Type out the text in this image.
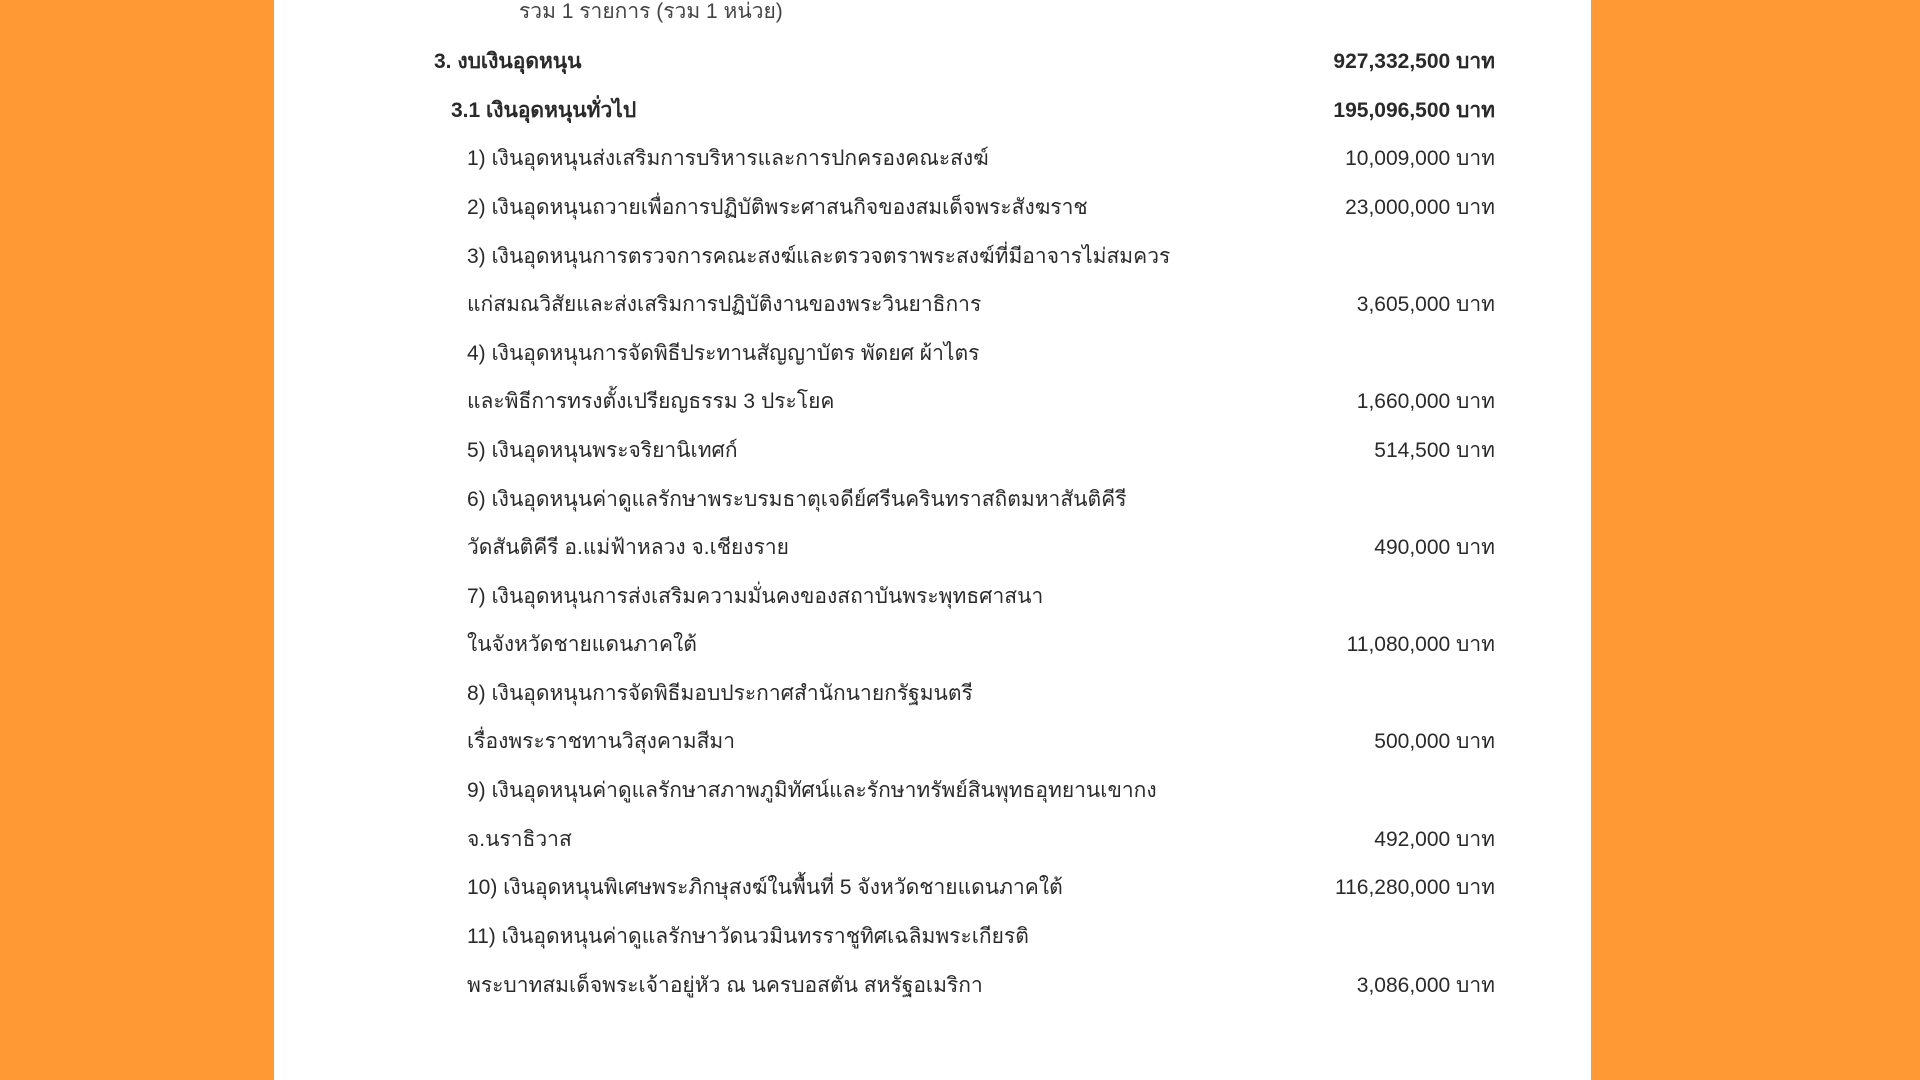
รวม 1 รายการ (รวม 1 หน่วย)
3. งบเงินอุดหนุน	927,332,500 บาท
3.1 เงินอุดหนุนทั่วไป	195,096,500 บาท
1) เงินอุดหนุนส่งเสริมการบริหารและการปกครองคณะสงฆ์	10,009,000 บาท
2) เงินอุดหนุนถวายเพื่อการปฏิบัติพระศาสนกิจของสมเด็จพระสังฆราช	23,000,000 บาท
3) เงินอุดหนุนการตรวจการคณะสงฆ์และตรวจตราพระสงฆ์ที่มีอาจารไม่สมควร
แก่สมณวิสัยและส่งเสริมการปฏิบัติงานของพระวินยาธิการ	3,605,000 บาท
4) เงินอุดหนุนการจัดพิธีประทานสัญญาบัตร พัดยศ ผ้าไตร
และพิธีการทรงตั้งเปรียญธรรม 3 ประโยค	1,660,000 บาท
5) เงินอุดหนุนพระจริยานิเทศก์	514,500 บาท
6) เงินอุดหนุนค่าดูแลรักษาพระบรมธาตุเจดีย์ศรีนครินทราสถิตมหาสันติคีรี
วัดสันติคีรี อ.แม่ฟ้าหลวง จ.เชียงราย	490,000 บาท
7) เงินอุดหนุนการส่งเสริมความมั่นคงของสถาบันพระพุทธศาสนา
ในจังหวัดชายแดนภาคใต้	11,080,000 บาท
8) เงินอุดหนุนการจัดพิธีมอบประกาศสำนักนายกรัฐมนตรี
เรื่องพระราชทานวิสุงคามสีมา	500,000 บาท
9) เงินอุดหนุนค่าดูแลรักษาสภาพภูมิทัศน์และรักษาทรัพย์สินพุทธอุทยานเขากง
จ.นราธิวาส	492,000 บาท
10) เงินอุดหนุนพิเศษพระภิกษุสงฆ์ในพื้นที่ 5 จังหวัดชายแดนภาคใต้	116,280,000 บาท
11) เงินอุดหนุนค่าดูแลรักษาวัดนวมินทรราชูทิศเฉลิมพระเกียรติ
พระบาทสมเด็จพระเจ้าอยู่หัว ณ นครบอสตัน สหรัฐอเมริกา	3,086,000 บาท
